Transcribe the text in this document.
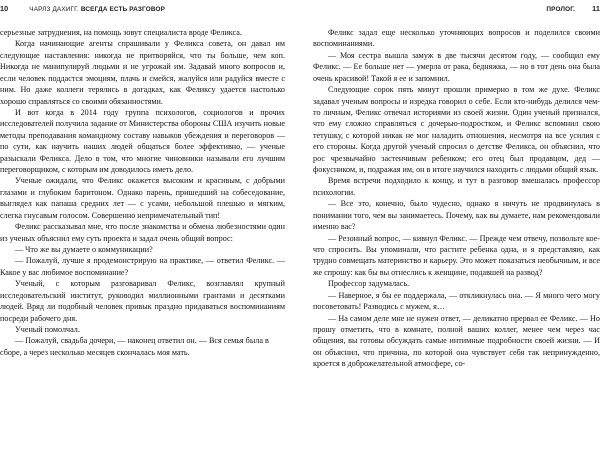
10	ЧАРЛЗ ДАХИГГ.
ВСЕГДА ЕСТЬ РАЗГОВОР

серьезные затруднения, на помощь зовут специалиста вроде Феликса.

Когда начинающие агенты спрашивали у Феликса совета, он давал им следующие наставления: никогда не притворяйся, что ты больше, чем коп. Никогда не манипулируй людьми и не угрожай им. Задавай много вопросов и, если человек поддастся эмоциям, плачь и смейся, жалуйся или радуйся вместе с ним. Но даже коллеги терялись в догадках, как Феликсу удается настолько хорошо справляться со своими обязанностями.

И вот когда в 2014 году группа психологов, социологов и прочих исследователей получила задание от Министерства обороны США изучить новые методы преподавания командному составу навыков убеждения и переговоров — по сути, как научить наших людей общаться более эффективно, — ученые разыскали Феликса. Дело в том, что многие чиновники называли его лучшим переговорщиком, с которым им доводилось иметь дело.

Ученые ожидали, что Феликс окажется высоким и красивым, с добрыми глазами и глубоким баритоном. Однако парень, пришедший на собеседование, выглядел как папаша средних лет — с усами, небольшой плешью и мягким, слегка гнусавым голосом. Совершенно непримечательный тип!

Феликс рассказывал мне, что после знакомства и обмена любезностями один из ученых объяснил ему суть проекта и задал очень общий вопрос:

— Что же вы думаете о коммуникации?

— Пожалуй, лучше я продемонстрирую на практике, — ответил Феликс. — Какое у вас любимое воспоминание?

Ученый, с которым разговаривал Феликс, возглавлял крупный исследовательский институт, руководил миллионными грантами и десятками людей. Вряд ли подобный человек привык праздно придаваться воспоминаниям посреди рабочего дня.

Ученый помолчал.

— Пожалуй, свадьба дочери, — наконец ответил он. — Вся семья была в сборе, а через несколько месяцев скончалась моя мать.

ПРОЛОГ. 11

Феликс задал еще несколько уточняющих вопросов и поделился своими воспоминаниями.

— Моя сестра вышла замуж в две тысячи десятом году, — сообщил ему Феликс. — Ее больше нет — умерла от рака, бедняжка, — но в тот день она была очень красивой! Такой я ее и запомнил.

Следующие сорок пять минут прошли примерно в том же духе. Феликс задавал ученым вопросы и изредка говорил о себе. Если кто-нибудь делился чем-то личным, Феликс отвечал историями из своей жизни. Один ученый признался, что ему сложно справляться с дочерью-подростком, и Феликс вспомнил свою тетушку, с которой никак не мог наладить отношения, несмотря на все усилия с его стороны. Когда другой ученый спросил о детстве Феликса, он объяснил, что рос чрезвычайно застенчивым ребенком; его отец был продавцом, дед — фокусником, и, подражая им, он в итоге научился находить с людьми общий язык.

Время встречи подходило к концу, и тут в разговор вмешалась профессор психологии.

— Все это, конечно, было чудесно, однако я ничуть не продвинулась в понимании того, чем вы занимаетесь. Почему, как вы думаете, нам рекомендовали именно вас?

— Резонный вопрос, — кивнул Феликс. — Прежде чем отвечу, позвольте кое-что спросить. Вы упоминали, что растите ребенка одна, и я представляю, как трудно совмещать материнство и карьеру. Это может показаться необычным, и все же спрошу: как бы вы отнеслись к женщине, подавшей на развод?

Профессор задумалась.

— Наверное, я бы ее поддержала, — откликнулась она. — Я много чего могу посоветовать! Разводись с мужем, я…

— На самом деле мне не нужен ответ, — деликатно прервал ее Феликс. — Но прошу отметить, что в комнате, полной ваших коллег, менее чем через час общения, вы готовы обсуждать самые интимные подробности своей жизни. — И он объяснил, что причина, по которой она чувствует себя так непринужденно, кроется в доброжелательной атмосфере, со-
